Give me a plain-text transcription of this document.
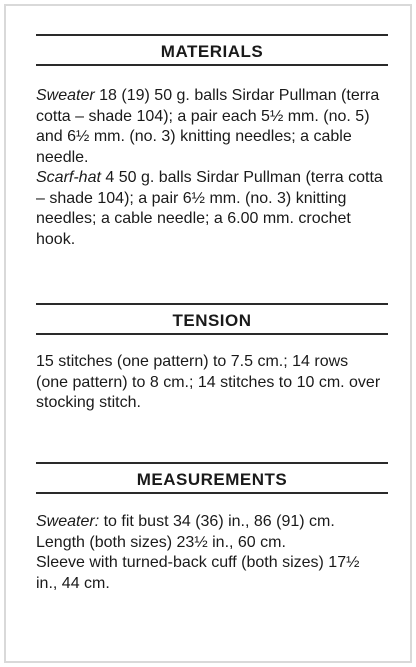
MATERIALS

Sweater 18 (19) 50 g. balls Sirdar Pullman (terra cotta – shade 104); a pair each 5½ mm. (no. 5) and 6½ mm. (no. 3) knitting needles; a cable needle.

Scarf-hat 4 50 g. balls Sirdar Pullman (terra cotta – shade 104); a pair 6½ mm. (no. 3) knitting needles; a cable needle; a 6.00 mm. crochet hook.

TENSION

15 stitches (one pattern) to 7.5 cm.; 14 rows (one pattern) to 8 cm.; 14 stitches to 10 cm. over stocking stitch.

MEASUREMENTS

Sweater: to fit bust 34 (36) in., 86 (91) cm.

Length (both sizes) 23½ in., 60 cm.

Sleeve with turned-back cuff (both sizes) 17½ in., 44 cm.
